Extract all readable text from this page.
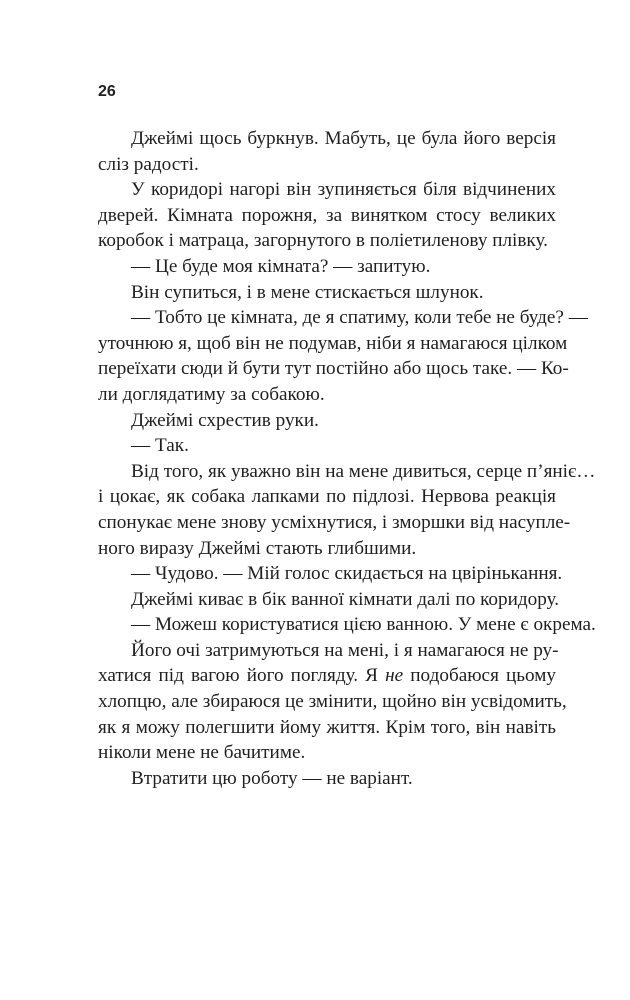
26

Джеймі щось буркнув. Мабуть, це була його версія
сліз радості.

У коридорі нагорі він зупиняється біля відчинених
дверей. Кімната порожня, за винятком стосу великих
коробок і матраца, загорнутого в поліетиленову плівку.

— Це буде моя кімната? — запитую.

Він супиться, і в мене стискається шлунок.

— Тобто це кімната, де я спатиму, коли тебе не буде? —
уточнюю я, щоб він не подумав, ніби я намагаюся цілком
переїхати сюди й бути тут постійно або щось таке. — Ко-
ли доглядатиму за собакою.

Джеймі схрестив руки.

— Так.

Від того, як уважно він на мене дивиться, серце п’яніє…
і цокає, як собака лапками по підлозі. Нервова реакція
спонукає мене знову усміхнутися, і зморшки від насупле-
ного виразу Джеймі стають глибшими.

— Чудово. — Мій голос скидається на цвірінькання.

Джеймі киває в бік ванної кімнати далі по коридору.

— Можеш користуватися цією ванною. У мене є окрема.

Його очі затримуються на мені, і я намагаюся не ру-
хатися під вагою його погляду. Я не подобаюся цьому
хлопцю, але збираюся це змінити, щойно він усвідомить,
як я можу полегшити йому життя. Крім того, він навіть
ніколи мене не бачитиме.

Втратити цю роботу — не варіант.
